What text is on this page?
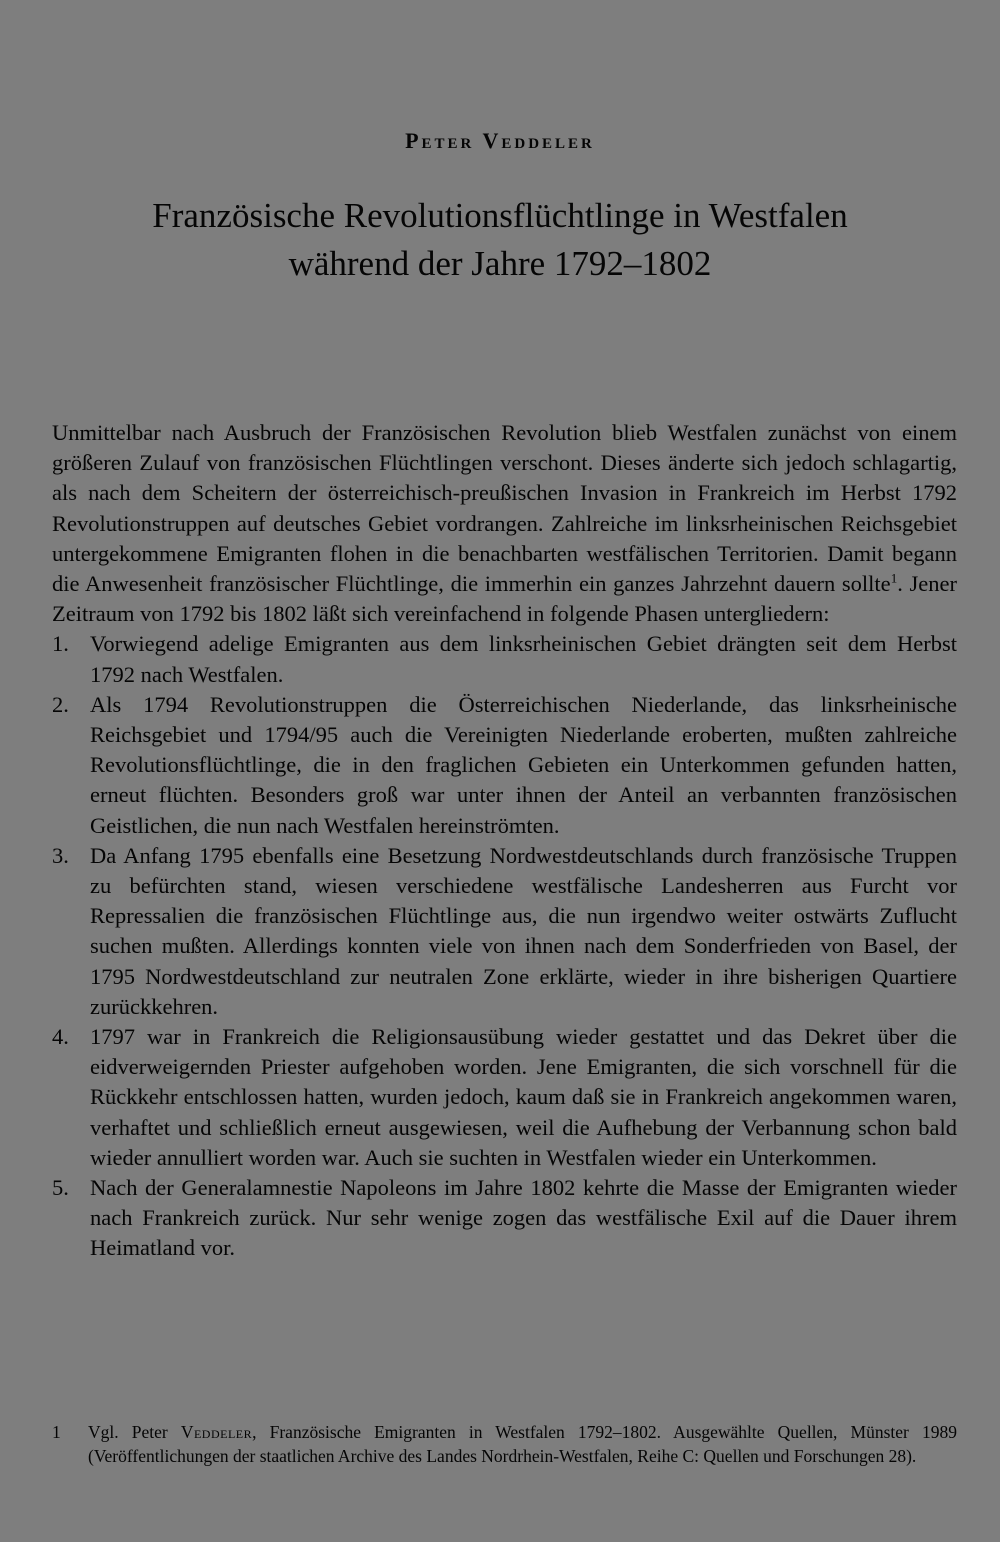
Peter Veddeler
Französische Revolutionsflüchtlinge in Westfalen
während der Jahre 1792–1802

Unmittelbar nach Ausbruch der Französischen Revolution blieb Westfalen zunächst von einem größeren Zulauf von französischen Flüchtlingen verschont. Dieses änderte sich jedoch schlagartig, als nach dem Scheitern der österreichisch-preußischen Invasion in Frankreich im Herbst 1792 Revolutionstruppen auf deutsches Gebiet vordrangen. Zahlreiche im linksrheinischen Reichsgebiet untergekommene Emigranten flohen in die benachbarten westfälischen Territorien. Damit begann die Anwesenheit französischer Flüchtlinge, die immerhin ein ganzes Jahrzehnt dauern sollte$^1$. Jener Zeitraum von 1792 bis 1802 läßt sich vereinfachend in folgende Phasen untergliedern:

1. Vorwiegend adelige Emigranten aus dem linksrheinischen Gebiet drängten seit dem Herbst 1792 nach Westfalen.
2. Als 1794 Revolutionstruppen die Österreichischen Niederlande, das linksrheinische Reichsgebiet und 1794/95 auch die Vereinigten Niederlande eroberten, mußten zahlreiche Revolutionsflüchtlinge, die in den fraglichen Gebieten ein Unterkommen gefunden hatten, erneut flüchten. Besonders groß war unter ihnen der Anteil an verbannten französischen Geistlichen, die nun nach Westfalen hereinströmten.
3. Da Anfang 1795 ebenfalls eine Besetzung Nordwestdeutschlands durch französische Truppen zu befürchten stand, wiesen verschiedene westfälische Landesherren aus Furcht vor Repressalien die französischen Flüchtlinge aus, die nun irgendwo weiter ostwärts Zuflucht suchen mußten. Allerdings konnten viele von ihnen nach dem Sonderfrieden von Basel, der 1795 Nordwestdeutschland zur neutralen Zone erklärte, wieder in ihre bisherigen Quartiere zurückkehren.
4. 1797 war in Frankreich die Religionsausübung wieder gestattet und das Dekret über die eidverweigernden Priester aufgehoben worden. Jene Emigranten, die sich vorschnell für die Rückkehr entschlossen hatten, wurden jedoch, kaum daß sie in Frankreich angekommen waren, verhaftet und schließlich erneut ausgewiesen, weil die Aufhebung der Verbannung schon bald wieder annulliert worden war. Auch sie suchten in Westfalen wieder ein Unterkommen.
5. Nach der Generalamnestie Napoleons im Jahre 1802 kehrte die Masse der Emigranten wieder nach Frankreich zurück. Nur sehr wenige zogen das westfälische Exil auf die Dauer ihrem Heimatland vor.
1 Vgl. Peter Veddeler, Französische Emigranten in Westfalen 1792–1802. Ausgewählte Quellen, Münster 1989 (Veröffentlichungen der staatlichen Archive des Landes Nordrhein-Westfalen, Reihe C: Quellen und Forschungen 28).
